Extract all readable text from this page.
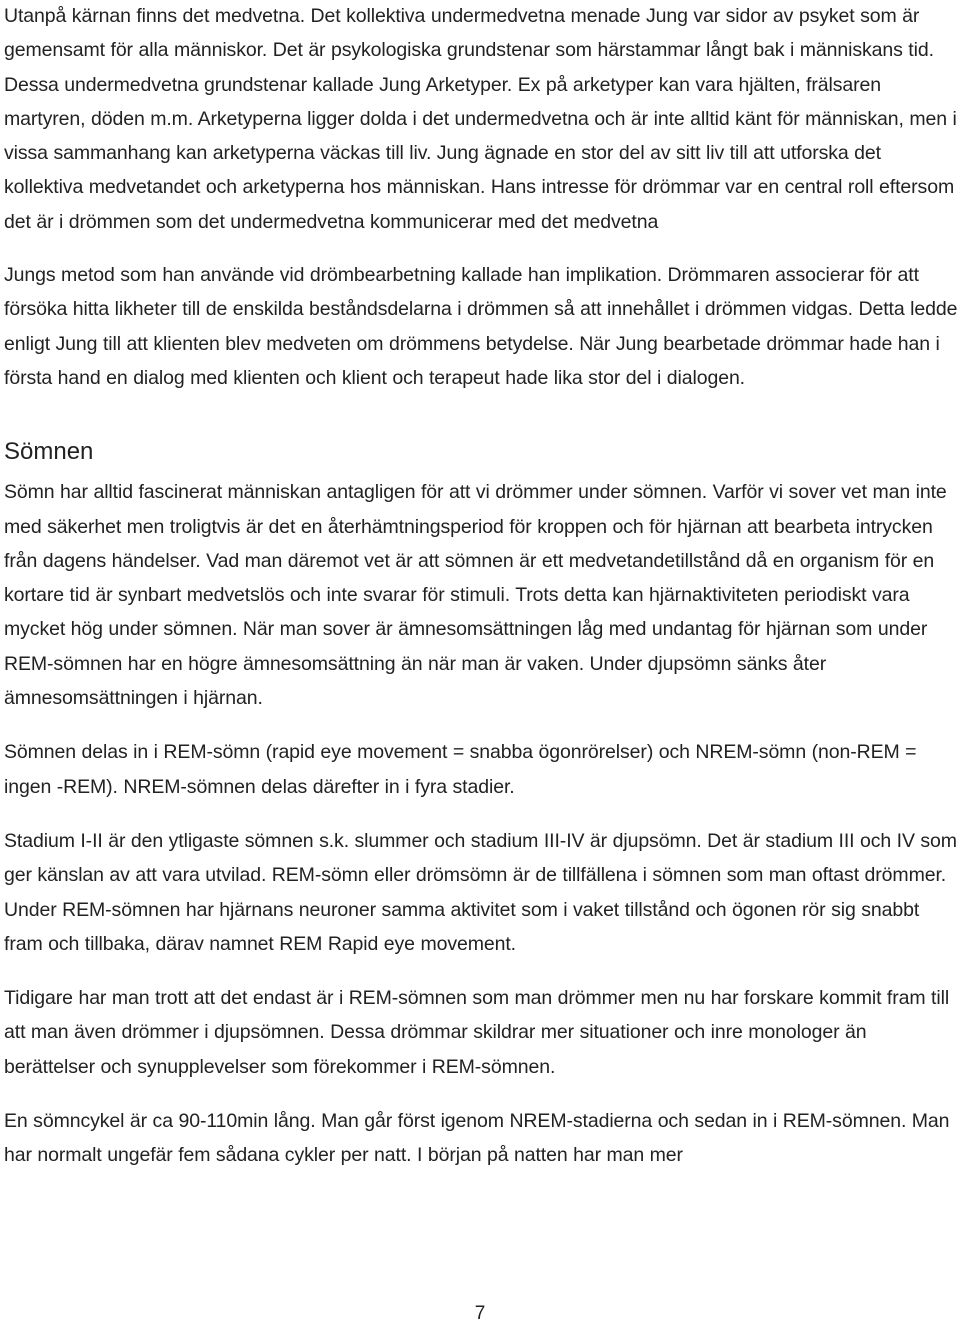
Utanpå kärnan finns det medvetna. Det kollektiva undermedvetna menade Jung var sidor av psyket som är gemensamt för alla människor. Det är psykologiska grundstenar som härstammar långt bak i människans tid. Dessa undermedvetna grundstenar kallade Jung Arketyper. Ex på arketyper kan vara hjälten, frälsaren martyren, döden m.m. Arketyperna ligger dolda i det undermedvetna och är inte alltid känt för människan, men i vissa sammanhang kan arketyperna väckas till liv. Jung ägnade en stor del av sitt liv till att utforska det kollektiva medvetandet och arketyperna hos människan. Hans intresse för drömmar var en central roll eftersom det är i drömmen som det undermedvetna kommunicerar med det medvetna

Jungs metod som han använde vid drömbearbetning kallade han implikation. Drömmaren associerar för att försöka hitta likheter till de enskilda beståndsdelarna i drömmen så att innehållet i drömmen vidgas. Detta ledde enligt Jung till att klienten blev medveten om drömmens betydelse. När Jung bearbetade drömmar hade han i första hand en dialog med klienten och klient och terapeut hade lika stor del i dialogen.

Sömnen

Sömn har alltid fascinerat människan antagligen för att vi drömmer under sömnen. Varför vi sover vet man inte med säkerhet men troligtvis är det en återhämtningsperiod för kroppen och för hjärnan att bearbeta intrycken från dagens händelser. Vad man däremot vet är att sömnen är ett medvetandetillstånd då en organism för en kortare tid är synbart medvetslös och inte svarar för stimuli. Trots detta kan hjärnaktiviteten periodiskt vara mycket hög under sömnen. När man sover är ämnesomsättningen låg med undantag för hjärnan som under REM-sömnen har en högre ämnesomsättning än när man är vaken. Under djupsömn sänks åter ämnesomsättningen i hjärnan.

Sömnen delas in i REM-sömn (rapid eye movement = snabba ögonrörelser) och NREM-sömn (non-REM = ingen -REM). NREM-sömnen delas därefter in i fyra stadier.

Stadium I-II är den ytligaste sömnen s.k. slummer och stadium III-IV är djupsömn. Det är stadium III och IV som ger känslan av att vara utvilad. REM-sömn eller drömsömn är de tillfällena i sömnen som man oftast drömmer. Under REM-sömnen har hjärnans neuroner samma aktivitet som i vaket tillstånd och ögonen rör sig snabbt fram och tillbaka, därav namnet REM Rapid eye movement.

Tidigare har man trott att det endast är i REM-sömnen som man drömmer men nu har forskare kommit fram till att man även drömmer i djupsömnen. Dessa drömmar skildrar mer situationer och inre monologer än berättelser och synupplevelser som förekommer i REM-sömnen.

En sömncykel är ca 90-110min lång. Man går först igenom NREM-stadierna och sedan in i REM-sömnen. Man har normalt ungefär fem sådana cykler per natt. I början på natten har man mer

7
